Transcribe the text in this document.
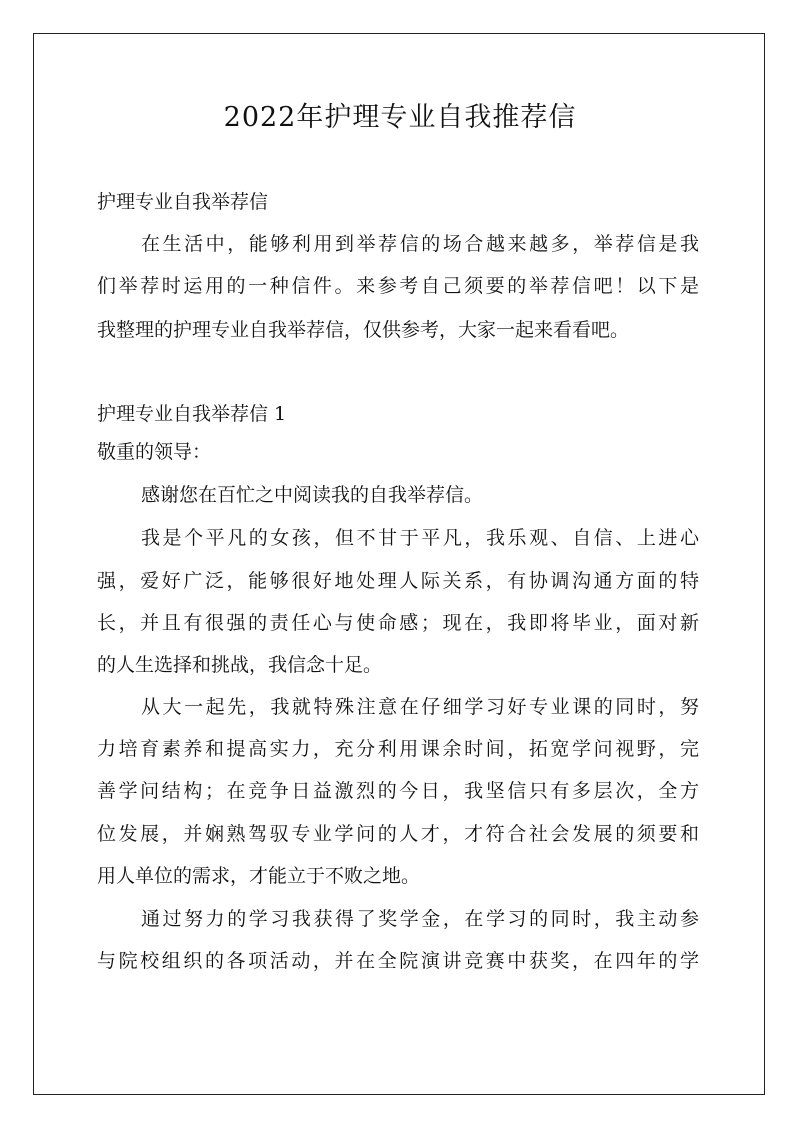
2022年护理专业自我推荐信
护理专业自我举荐信
在生活中，能够利用到举荐信的场合越来越多，举荐信是我
们举荐时运用的一种信件。来参考自己须要的举荐信吧！以下是
我整理的护理专业自我举荐信，仅供参考，大家一起来看看吧。
护理专业自我举荐信 1
敬重的领导：
感谢您在百忙之中阅读我的自我举荐信。
我是个平凡的女孩，但不甘于平凡，我乐观、自信、上进心
强，爱好广泛，能够很好地处理人际关系，有协调沟通方面的特
长，并且有很强的责任心与使命感；现在，我即将毕业，面对新
的人生选择和挑战，我信念十足。
从大一起先，我就特殊注意在仔细学习好专业课的同时，努
力培育素养和提高实力，充分利用课余时间，拓宽学问视野，完
善学问结构；在竞争日益激烈的今日，我坚信只有多层次，全方
位发展，并娴熟驾驭专业学问的人才，才符合社会发展的须要和
用人单位的需求，才能立于不败之地。
通过努力的学习我获得了奖学金，在学习的同时，我主动参
与院校组织的各项活动，并在全院演讲竞赛中获奖，在四年的学
